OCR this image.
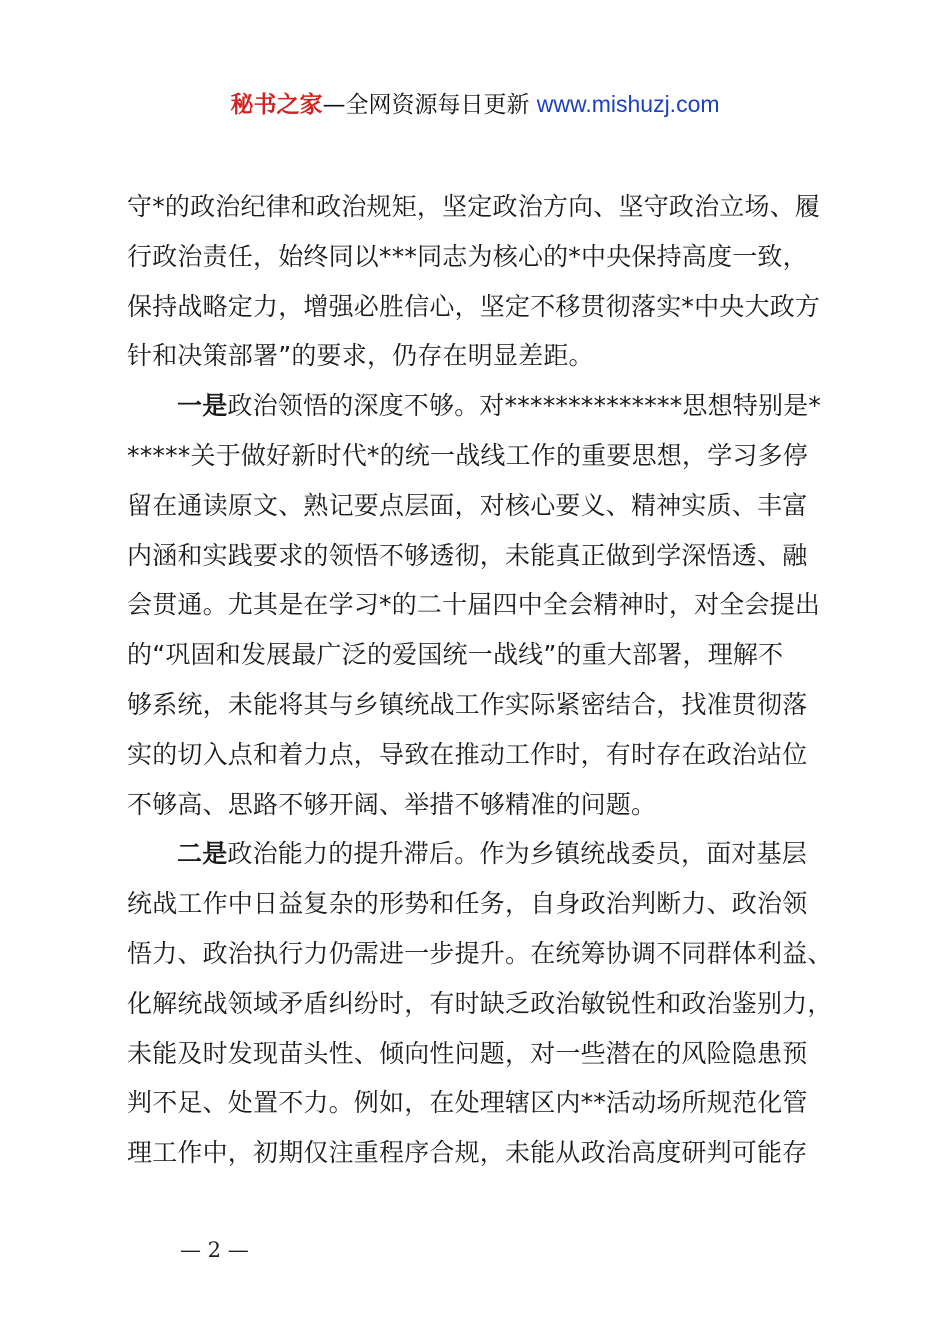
秘书之家—全网资源每日更新 www.mishuzj.com
守*的政治纪律和政治规矩，坚定政治方向、坚守政治立场、履
行政治责任，始终同以***同志为核心的*中央保持高度一致，
保持战略定力，增强必胜信心，坚定不移贯彻落实*中央大政方
针和决策部署”的要求，仍存在明显差距。
一是政治领悟的深度不够。对**************思想特别是*
*****关于做好新时代*的统一战线工作的重要思想，学习多停
留在通读原文、熟记要点层面，对核心要义、精神实质、丰富
内涵和实践要求的领悟不够透彻，未能真正做到学深悟透、融
会贯通。尤其是在学习*的二十届四中全会精神时，对全会提出
的“巩固和发展最广泛的爱国统一战线”的重大部署，理解不
够系统，未能将其与乡镇统战工作实际紧密结合，找准贯彻落
实的切入点和着力点，导致在推动工作时，有时存在政治站位
不够高、思路不够开阔、举措不够精准的问题。
二是政治能力的提升滞后。作为乡镇统战委员，面对基层
统战工作中日益复杂的形势和任务，自身政治判断力、政治领
悟力、政治执行力仍需进一步提升。在统筹协调不同群体利益、
化解统战领域矛盾纠纷时，有时缺乏政治敏锐性和政治鉴别力，
未能及时发现苗头性、倾向性问题，对一些潜在的风险隐患预
判不足、处置不力。例如，在处理辖区内**活动场所规范化管
理工作中，初期仅注重程序合规，未能从政治高度研判可能存
— 2 —
